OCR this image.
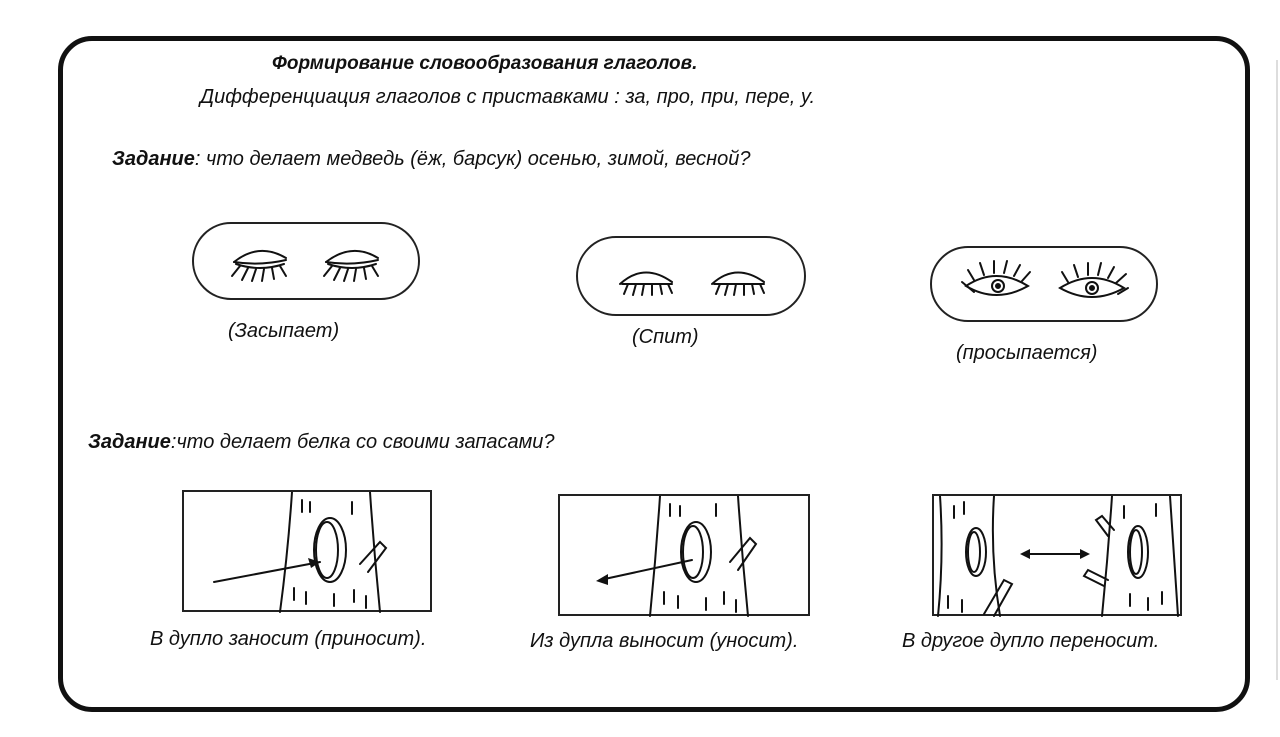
Формирование словообразования глаголов.
Дифференциация глаголов с приставками : за, про, при, пере, у.
Задание: что делает медведь (ёж, барсук) осенью, зимой, весной?
(Засыпает)	(Спит)
(просыпается)
Задание:что делает белка со своими запасами?
В дупло заносит (приносит).	Из дупла выносит (уносит).	В другое дупло переносит.
